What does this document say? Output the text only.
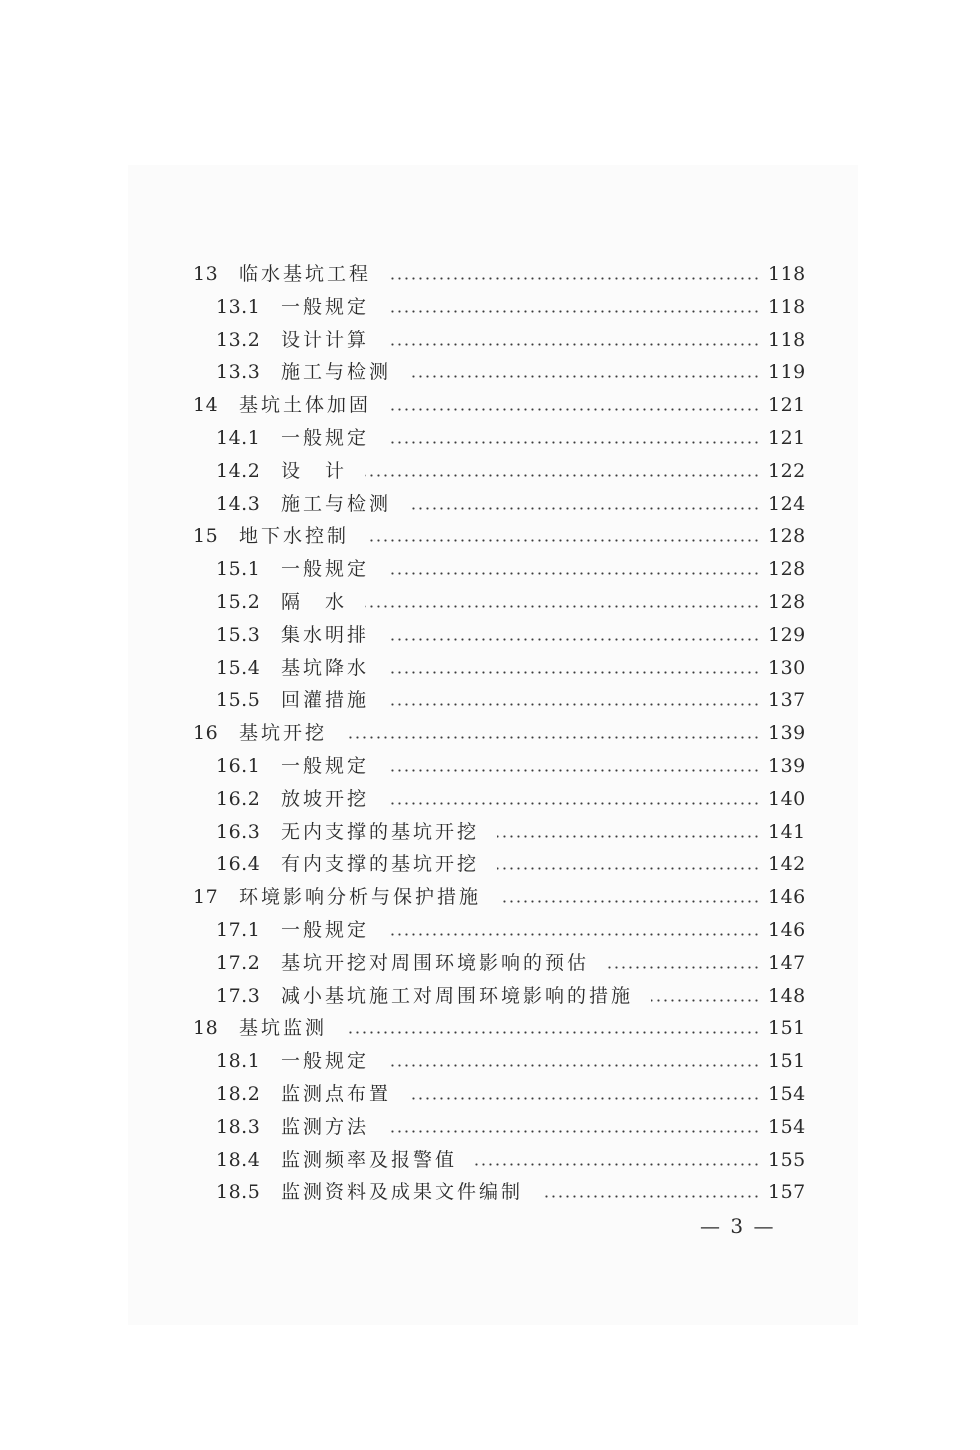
13	临水基坑工程	118
13.1	一般规定	118
13.2	设计计算	118
13.3	施工与检测	119
14	基坑土体加固	121
14.1	一般规定	121
14.2	设　计	122
14.3	施工与检测	124
15	地下水控制	128
15.1	一般规定	128
15.2	隔　水	128
15.3	集水明排	129
15.4	基坑降水	130
15.5	回灌措施	137
16	基坑开挖	139
16.1	一般规定	139
16.2	放坡开挖	140
16.3	无内支撑的基坑开挖	141
16.4	有内支撑的基坑开挖	142
17	环境影响分析与保护措施	146
17.1	一般规定	146
17.2	基坑开挖对周围环境影响的预估	147
17.3	减小基坑施工对周围环境影响的措施	148
18	基坑监测	151
18.1	一般规定	151
18.2	监测点布置	154
18.3	监测方法	154
18.4	监测频率及报警值	155
18.5	监测资料及成果文件编制	157
— 3 —
